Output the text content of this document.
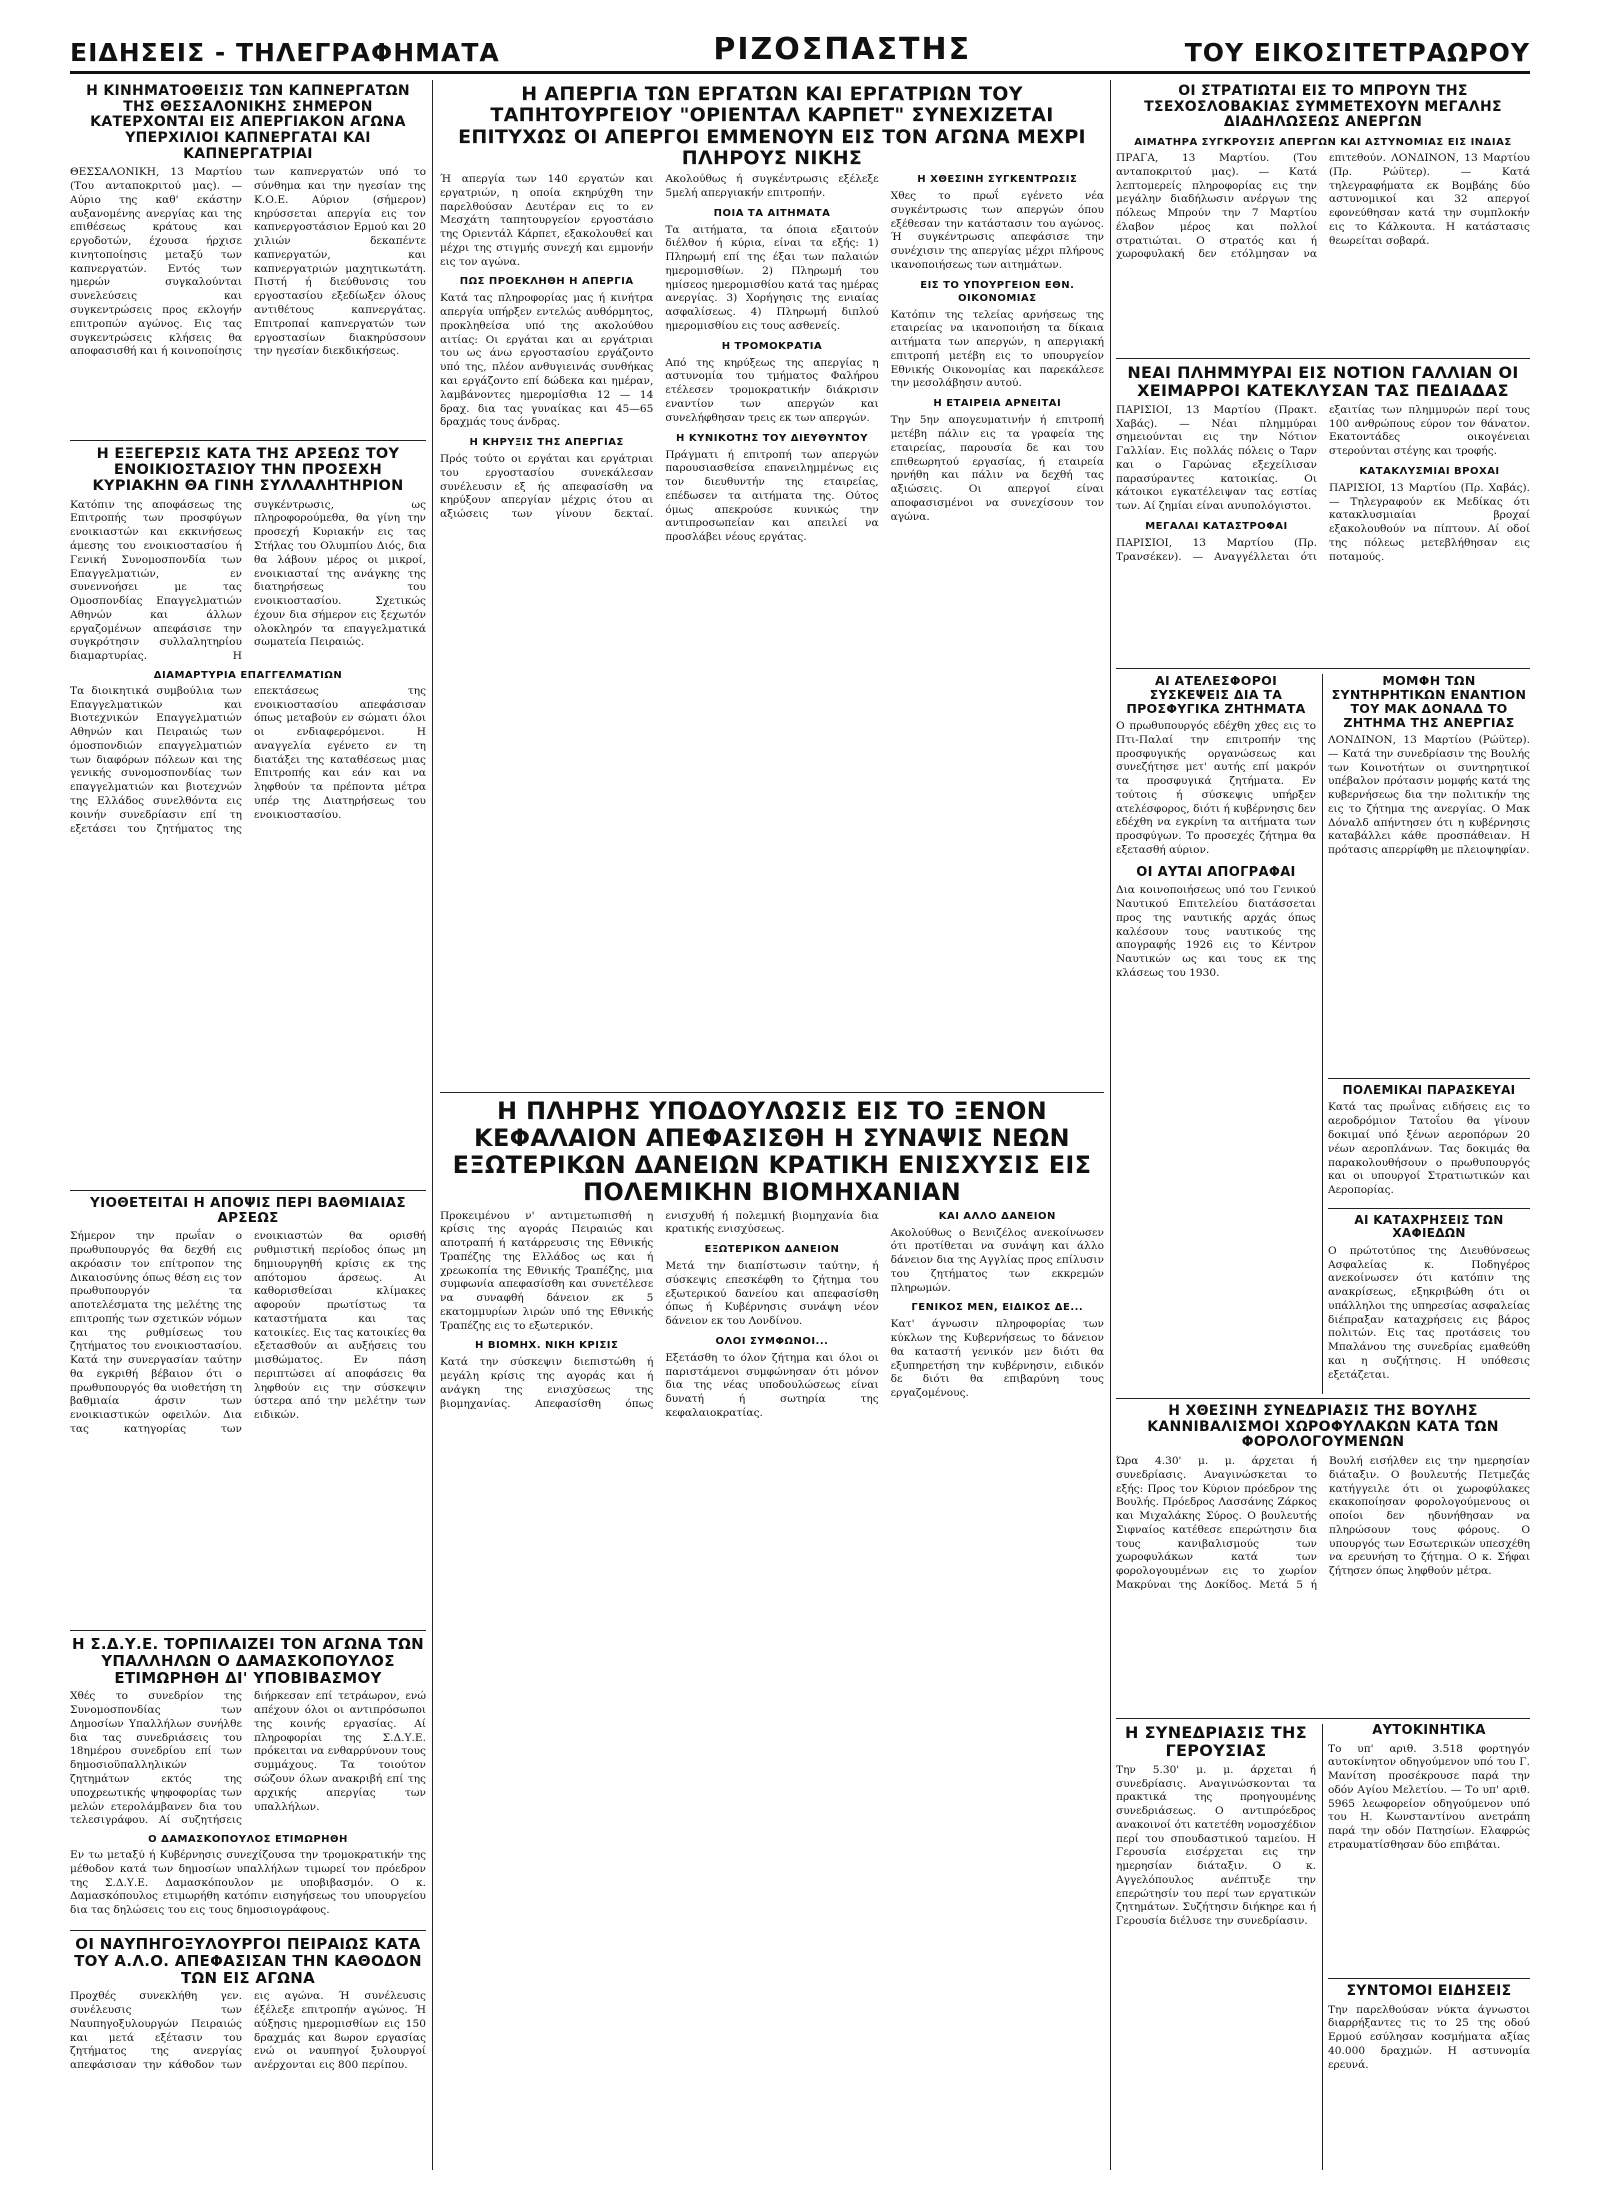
ΕΙΔΗΣΕΙΣ - ΤΗΛΕΓΡΑΦΗΜΑΤΑ	ΡΙΖΟΣΠΑΣΤΗΣ	ΤΟΥ ΕΙΚΟΣΙΤΕΤΡΑΩΡΟΥ
Η ΚΙΝΗΜΑΤΟΘΕΙΣΙΣ ΤΩΝ ΚΑΠΝΕΡΓΑΤΩΝ ΤΗΣ ΘΕΣΣΑΛΟΝΙΚΗΣ ΣΗΜΕΡΟΝ ΚΑΤΕΡΧΟΝΤΑΙ ΕΙΣ ΑΠΕΡΓΙΑΚΟΝ ΑΓΩΝΑ ΥΠΕΡΧΙΛΙΟΙ ΚΑΠΝΕΡΓΑΤΑΙ ΚΑΙ ΚΑΠΝΕΡΓΑΤΡΙΑΙ
ΘΕΣΣΑΛΟΝΙΚΗ, 13 Μαρτίου (Του ανταποκριτού μας). — Αύριο της καθ' εκάστην αυξανομένης ανεργίας και της επιθέσεως κράτους και εργοδοτών, έχουσα ήρχισε κινητοποίησις μεταξύ των καπνεργατών. Εντός των ημερών συγκαλούνται συνελεύσεις και συγκεντρώσεις προς εκλογήν επιτροπών αγώνος. Εις τας συγκεντρώσεις κλήσεις θα αποφασισθή και ή κοινοποίησις των καπνεργατών υπό το σύνθημα και την ηγεσίαν της Κ.Ο.Ε. Αύριον (σήμερον) κηρύσσεται απεργία εις τον καπνεργοστάσιον Ερμού και 20 χιλιών δεκαπέντε καπνεργατών, και καπνεργατριών μαχητικωτάτη. Πιστή ή διεύθυνσις του εργοστασίου εξεδίωξεν όλους αντιθέτους καπνεργάτας. Επιτροπαί καπνεργατών των εργοστασίων διακηρύσσουν την ηγεσίαν διεκδικήσεως.
Η ΕΞΕΓΕΡΣΙΣ ΚΑΤΑ ΤΗΣ ΑΡΣΕΩΣ ΤΟΥ ΕΝΟΙΚΙΟΣΤΑΣΙΟΥ ΤΗΝ ΠΡΟΣΕΧΗ ΚΥΡΙΑΚΗΝ ΘΑ ΓΙΝΗ ΣΥΛΛΑΛΗΤΗΡΙΟΝ
Κατόπιν της αποφάσεως της Επιτροπής των προσφύγων ενοικιαστών και εκκινήσεως άμεσης του ενοικιοστασίου ή Γενική Συνομοσπονδία των Επαγγελματιών, εν συνεννοήσει με τας Ομοσπονδίας Επαγγελματιών Αθηνών και άλλων εργαζομένων απεφάσισε την συγκρότησιν συλλαλητηρίου διαμαρτυρίας. Η συγκέντρωσις, ως πληροφορούμεθα, θα γίνη την προσεχή Κυριακήν εις τας Στήλας του Ολυμπίου Διός, δια θα λάβουν μέρος οι μικροί, ενοικιασταί της ανάγκης της διατηρήσεως του ενοικιοστασίου. Σχετικώς έχουν δια σήμερον εις ξεχωτόν ολοκληρόν τα επαγγελματικά σωματεία Πειραιώς.
ΔΙΑΜΑΡΤΥΡΙΑ ΕΠΑΓΓΕΛΜΑΤΙΩΝ
Τα διοικητικά συμβούλια των Επαγγελματικών και Βιοτεχνικών Επαγγελματιών Αθηνών και Πειραιώς των όμοσπονδιών επαγγελματιών των διαφόρων πόλεων και της γενικής συνομοσπονδίας των επαγγελματιών και βιοτεχνών της Ελλάδος συνελθόντα εις κοινήν συνεδρίασιν επί τη εξετάσει του ζητήματος της επεκτάσεως της ενοικιοστασίου απεφάσισαν όπως μεταβούν εν σώματι όλοι οι ενδιαφερόμενοι. Η αναγγελία εγένετο εν τη διατάξει της καταθέσεως μιας Επιτροπής και εάν και να ληφθούν τα πρέποντα μέτρα υπέρ της Διατηρήσεως του ενοικιοστασίου.
ΥΙΟΘΕΤΕΙΤΑΙ Η ΑΠΟΨΙΣ ΠΕΡΙ ΒΑΘΜΙΑΙΑΣ ΑΡΣΕΩΣ
Σήμερον την πρωΐαν ο πρωθυπουργός θα δεχθή εις ακρόασιν τον επίτροπον της Δικαιοσύνης όπως θέση εις τον πρωθυπουργόν τα αποτελέσματα της μελέτης της επιτροπής των σχετικών νόμων και της ρυθμίσεως του ζητήματος του ενοικιοστασίου. Κατά την συνεργασίαν ταύτην θα εγκριθή βέβαιον ότι ο πρωθυπουργός θα υιοθετήση τη βαθμιαία άρσιν των ενοικιαστικών οφειλών. Δια τας κατηγορίας των ενοικιαστών θα ορισθή ρυθμιστική περίοδος όπως μη δημιουργηθή κρίσις εκ της απότομου άρσεως. Αι καθορισθείσαι κλίμακες αφορούν πρωτίστως τα καταστήματα και τας κατοικίες. Εις τας κατοικίες θα εξετασθούν αι αυξήσεις του μισθώματος. Εν πάση περιπτώσει αί αποφάσεις θα ληφθούν εις την σύσκεψιν ύστερα από την μελέτην των ειδικών.
Η Σ.Δ.Υ.Ε. ΤΟΡΠΙΛΑΙΖΕΙ ΤΟΝ ΑΓΩΝΑ ΤΩΝ ΥΠΑΛΛΗΛΩΝ Ο ΔΑΜΑΣΚΟΠΟΥΛΟΣ ΕΤΙΜΩΡΗΘΗ ΔΙ' ΥΠΟΒΙΒΑΣΜΟΥ
Χθές το συνεδρίον της Συνομοσπονδίας των Δημοσίων Υπαλλήλων συνήλθε δια τας συνεδριάσεις του 18ημέρου συνεδρίου επί των δημοσιοϋπαλληλικών ζητημάτων εκτός της υποχρεωτικής ψηφοφορίας των μελών ετερολάμβανεν δια του τελεσιγράφου. Αί συζητήσεις διήρκεσαν επί τετράωρον, ενώ απέχουν όλοι οι αντιπρόσωποι της κοινής εργασίας. Αί πληροφορίαι της Σ.Δ.Υ.Ε. πρόκειται να ενθαρρύνουν τους συμμάχους. Τα τοιούτον σώζουν όλων ανακριβή επί της αρχικής απεργίας των υπαλλήλων.
Ο ΔΑΜΑΣΚΟΠΟΥΛΟΣ ΕΤΙΜΩΡΗΘΗ
Εν τω μεταξύ ή Κυβέρνησις συνεχίζουσα την τρομοκρατικήν της μέθοδον κατά των δημοσίων υπαλλήλων τιμωρεί τον πρόεδρον της Σ.Δ.Υ.Ε. Δαμασκόπουλον με υποβιβασμόν. Ο κ. Δαμασκόπουλος ετιμωρήθη κατόπιν εισηγήσεως του υπουργείου δια τας δηλώσεις του εις τους δημοσιογράφους.
ΟΙ ΝΑΥΠΗΓΟΞΥΛΟΥΡΓΟΙ ΠΕΙΡΑΙΩΣ ΚΑΤΑ ΤΟΥ Α.Λ.Ο. ΑΠΕΦΑΣΙΣΑΝ ΤΗΝ ΚΑΘΟΔΟΝ ΤΩΝ ΕΙΣ ΑΓΩΝΑ
Προχθές συνεκλήθη γεν. συνέλευσις των Ναυπηγοξυλουργών Πειραιώς και μετά εξέτασιν του ζητήματος της ανεργίας απεφάσισαν την κάθοδον των εις αγώνα. Ή συνέλευσις έξέλεξε επιτροπήν αγώνος. Ή αύξησις ημερομισθίων εις 150 δραχμάς και 8ωρον εργασίας ενώ οι ναυπηγοί ξυλουργοί ανέρχονται εις 800 περίπου.
Η ΑΠΕΡΓΙΑ ΤΩΝ ΕΡΓΑΤΩΝ ΚΑΙ ΕΡΓΑΤΡΙΩΝ ΤΟΥ ΤΑΠΗΤΟΥΡΓΕΙΟΥ "ΟΡΙΕΝΤΑΛ ΚΑΡΠΕΤ" ΣΥΝΕΧΙΖΕΤΑΙ ΕΠΙΤΥΧΩΣ ΟΙ ΑΠΕΡΓΟΙ ΕΜΜΕΝΟΥΝ ΕΙΣ ΤΟΝ ΑΓΩΝΑ ΜΕΧΡΙ ΠΛΗΡΟΥΣ ΝΙΚΗΣ

Ή απεργία των 140 εργατών και εργατριών, η οποία εκηρύχθη την παρελθούσαν Δευτέραν εις το εν Μεσχάτη ταπητουργείον εργοστάσιο της Οριεντάλ Κάρπετ, εξακολουθεί και μέχρι της στιγμής συνεχή και εμμονήν εις τον αγώνα.

ΠΩΣ ΠΡΟΕΚΛΗΘΗ Η ΑΠΕΡΓΙΑ

Κατά τας πληροφορίας μας ή κινήτρα απεργία υπήρξεν εντελώς αυθόρμητος, προκληθείσα υπό της ακολούθου αιτίας: Οι εργάται και αι εργάτριαι του ως άνω εργοστασίου εργάζοντο υπό της, πλέον ανθυγιεινάς συνθήκας και εργάζοντο επί δώδεκα και ημέραν, λαμβάνοντες ημερομίσθια 12 — 14 δραχ. δια τας γυναίκας και 45—65 δραχμάς τους άνδρας.

Η ΚΗΡΥΞΙΣ ΤΗΣ ΑΠΕΡΓΙΑΣ

Πρός τούτο οι εργάται και εργάτριαι του εργοστασίου συνεκάλεσαν συνέλευσιν εξ ής απεφασίσθη να κηρύξουν απεργίαν μέχρις ότου αι αξιώσεις των γίνουν δεκταί. Ακολούθως ή συγκέντρωσις εξέλεξε 5μελή απεργιακήν επιτροπήν.

ΠΟΙΑ ΤΑ ΑΙΤΗΜΑΤΑ

Τα αιτήματα, τα όποια εξαιτούν διέλθον ή κύρια, είναι τα εξής: 1) Πληρωμή επί της έξαι των παλαιών ημερομισθίων. 2) Πληρωμή του ημίσεος ημερομισθίου κατά τας ημέρας ανεργίας. 3) Χορήγησις της ενιαίας ασφαλίσεως. 4) Πληρωμή διπλού ημερομισθίου εις τους ασθενείς.

Η ΤΡΟΜΟΚΡΑΤΙΑ

Από της κηρύξεως της απεργίας η αστυνομία του τμήματος Φαλήρου ετέλεσεν τρομοκρατικήν διάκρισιν εναντίον των απεργών και συνελήφθησαν τρεις εκ των απεργών.

Η ΚΥΝΙΚΟΤΗΣ ΤΟΥ ΔΙΕΥΘΥΝΤΟΥ

Πράγματι ή επιτροπή των απεργών παρουσιασθείσα επανειλημμένως εις τον διευθυντήν της εταιρείας, επέδωσεν τα αιτήματα της. Ούτος όμως απεκρούσε κυνικώς την αντιπροσωπείαν και απειλεί να προσλάβει νέους εργάτας.

Η ΧΘΕΣΙΝΗ ΣΥΓΚΕΝΤΡΩΣΙΣ

Χθες το πρωΐ εγένετο νέα συγκέντρωσις των απεργών όπου εξέθεσαν την κατάστασιν του αγώνος. Ή συγκέντρωσις απεφάσισε την συνέχισιν της απεργίας μέχρι πλήρους ικανοποιήσεως των αιτημάτων.

ΕΙΣ ΤΟ ΥΠΟΥΡΓΕΙΟΝ ΕΘΝ. ΟΙΚΟΝΟΜΙΑΣ

Κατόπιν της τελείας αρνήσεως της εταιρείας να ικανοποιήση τα δίκαια αιτήματα των απεργών, η απεργιακή επιτροπή μετέβη εις το υπουργείον Εθνικής Οικονομίας και παρεκάλεσε την μεσολάβησιν αυτού.

Η ΕΤΑΙΡΕΙΑ ΑΡΝΕΙΤΑΙ

Την 5ην απογευματινήν ή επιτροπή μετέβη πάλιν εις τα γραφεία της εταιρείας, παρουσία δε και του επιθεωρητού εργασίας, ή εταιρεία ηρνήθη και πάλιν να δεχθή τας αξιώσεις. Οι απεργοί είναι αποφασισμένοι να συνεχίσουν τον αγώνα.

Η ΠΛΗΡΗΣ ΥΠΟΔΟΥΛΩΣΙΣ ΕΙΣ ΤΟ ΞΕΝΟΝ ΚΕΦΑΛΑΙΟΝ ΑΠΕΦΑΣΙΣΘΗ Η ΣΥΝΑΨΙΣ ΝΕΩΝ ΕΞΩΤΕΡΙΚΩΝ ΔΑΝΕΙΩΝ ΚΡΑΤΙΚΗ ΕΝΙΣΧΥΣΙΣ ΕΙΣ ΠΟΛΕΜΙΚΗΝ ΒΙΟΜΗΧΑΝΙΑΝ

Προκειμένου ν' αντιμετωπισθή η κρίσις της αγοράς Πειραιώς και αποτραπή ή κατάρρευσις της Εθνικής Τραπέζης της Ελλάδος ως και ή χρεωκοπία της Εθνικής Τραπέζης, μια συμφωνία απεφασίσθη και συνετέλεσε να συναφθή δάνειον εκ 5 εκατομμυρίων λιρών υπό της Εθνικής Τραπέζης εις το εξωτερικόν.

Η ΒΙΟΜΗΧ. ΝΙΚΗ ΚΡΙΣΙΣ

Κατά την σύσκεψιν διεπιστώθη ή μεγάλη κρίσις της αγοράς και ή ανάγκη της ενισχύσεως της βιομηχανίας. Απεφασίσθη όπως ενισχυθή ή πολεμική βιομηχανία δια κρατικής ενισχύσεως.

ΕΞΩΤΕΡΙΚΟΝ ΔΑΝΕΙΟΝ

Μετά την διαπίστωσιν ταύτην, ή σύσκεψις επεσκέφθη το ζήτημα του εξωτερικού δανείου και απεφασίσθη όπως ή Κυβέρνησις συνάψη νέον δάνειον εκ του Λονδίνου.

ΟΛΟΙ ΣΥΜΦΩΝΟΙ...

Εξετάσθη το όλον ζήτημα και όλοι οι παριστάμενοι συμφώνησαν ότι μόνον δια της νέας υποδουλώσεως είναι δυνατή ή σωτηρία της κεφαλαιοκρατίας.

ΚΑΙ ΑΛΛΟ ΔΑΝΕΙΟΝ

Ακολούθως ο Βενιζέλος ανεκοίνωσεν ότι προτίθεται να συνάψη και άλλο δάνειον δια της Αγγλίας προς επίλυσιν του ζητήματος των εκκρεμών πληρωμών.

ΓΕΝΙΚΟΣ ΜΕΝ, ΕΙΔΙΚΟΣ ΔΕ...

Κατ' άγνωσιν πληροφορίας των κύκλων της Κυβερνήσεως το δάνειον θα καταστή γενικόν μεν διότι θα εξυπηρετήση την κυβέρνησιν, ειδικόν δε διότι θα επιβαρύνη τους εργαζομένους.

ΟΙ ΣΤΡΑΤΙΩΤΑΙ ΕΙΣ ΤΟ ΜΠΡΟΥΝ ΤΗΣ ΤΣΕΧΟΣΛΟΒΑΚΙΑΣ ΣΥΜΜΕΤΕΧΟΥΝ ΜΕΓΑΛΗΣ ΔΙΑΔΗΛΩΣΕΩΣ ΑΝΕΡΓΩΝ
ΑΙΜΑΤΗΡΑ ΣΥΓΚΡΟΥΣΙΣ ΑΠΕΡΓΩΝ ΚΑΙ ΑΣΤΥΝΟΜΙΑΣ ΕΙΣ ΙΝΔΙΑΣ
ΠΡΑΓΑ, 13 Μαρτίου. (Του ανταποκριτού μας). — Κατά λεπτομερείς πληροφορίας εις την μεγάλην διαδήλωσιν ανέργων της πόλεως Μπρούν την 7 Μαρτίου έλαβον μέρος και πολλοί στρατιώται. Ο στρατός και ή χωροφυλακή δεν ετόλμησαν να επιτεθούν. ΛΟΝΔΙΝΟΝ, 13 Μαρτίου (Πρ. Ρώϋτερ). — Κατά τηλεγραφήματα εκ Βομβάης δύο αστυνομικοί και 32 απεργοί εφονεύθησαν κατά την συμπλοκήν εις το Κάλκουτα. Η κατάστασις θεωρείται σοβαρά.
ΝΕΑΙ ΠΛΗΜΜΥΡΑΙ ΕΙΣ ΝΟΤΙΟΝ ΓΑΛΛΙΑΝ ΟΙ ΧΕΙΜΑΡΡΟΙ ΚΑΤΕΚΛΥΣΑΝ ΤΑΣ ΠΕΔΙΑΔΑΣ

ΠΑΡΙΣΙΟΙ, 13 Μαρτίου (Πρακτ. Χαβάς). — Νέαι πλημμύραι σημειούνται εις την Νότιον Γαλλίαν. Εις πολλάς πόλεις ο Ταρν και ο Γαρώνας εξεχείλισαν παρασύραντες κατοικίας. Οι κάτοικοι εγκατέλειψαν τας εστίας των. Αί ζημίαι είναι ανυπολόγιστοι.

ΜΕΓΑΛΑΙ ΚΑΤΑΣΤΡΟΦΑΙ

ΠΑΡΙΣΙΟΙ, 13 Μαρτίου (Πρ. Τρανσέκεν). — Αναγγέλλεται ότι εξαιτίας των πλημμυρών περί τους 100 ανθρώπους εύρον τον θάνατον. Εκατοντάδες οικογένειαι στερούνται στέγης και τροφής.

ΚΑΤΑΚΛΥΣΜΙΑΙ ΒΡΟΧΑΙ

ΠΑΡΙΣΙΟΙ, 13 Μαρτίου (Πρ. Χαβάς). — Τηλεγραφούν εκ Μεδίκας ότι κατακλυσμιαίαι βροχαί εξακολουθούν να πίπτουν. Αί οδοί της πόλεως μετεβλήθησαν εις ποταμούς.

ΑΙ ΑΤΕΛΕΣΦΟΡΟΙ ΣΥΣΚΕΨΕΙΣ ΔΙΑ ΤΑ ΠΡΟΣΦΥΓΙΚΑ ΖΗΤΗΜΑΤΑ
Ο πρωθυπουργός εδέχθη χθες εις το Πτι-Παλαί την επιτροπήν της προσφυγικής οργανώσεως και συνεζήτησε μετ' αυτής επί μακρόν τα προσφυγικά ζητήματα. Εν τούτοις ή σύσκεψις υπήρξεν ατελέσφορος, διότι ή κυβέρνησις δεν εδέχθη να εγκρίνη τα αιτήματα των προσφύγων. Το προσεχές ζήτημα θα εξετασθή αύριον.
ΟΙ ΑΥΤΑΙ ΑΠΟΓΡΑΦΑΙ
Δια κοινοποιήσεως υπό του Γενικού Ναυτικού Επιτελείου διατάσσεται προς της ναυτικής αρχάς όπως καλέσουν τους ναυτικούς της απογραφής 1926 εις το Κέντρον Ναυτικών ως και τους εκ της κλάσεως του 1930.
ΜΟΜΦΗ ΤΩΝ ΣΥΝΤΗΡΗΤΙΚΩΝ ΕΝΑΝΤΙΟΝ ΤΟΥ ΜΑΚ ΔΟΝΑΛΔ ΤΟ ΖΗΤΗΜΑ ΤΗΣ ΑΝΕΡΓΙΑΣ
ΛΟΝΔΙΝΟΝ, 13 Μαρτίου (Ρώϋτερ). — Κατά την συνεδρίασιν της Βουλής των Κοινοτήτων οι συντηρητικοί υπέβαλον πρότασιν μομφής κατά της κυβερνήσεως δια την πολιτικήν της εις το ζήτημα της ανεργίας. Ο Μακ Δόναλδ απήντησεν ότι η κυβέρνησις καταβάλλει κάθε προσπάθειαν. Η πρότασις απερρίφθη με πλειοψηφίαν.
ΠΟΛΕΜΙΚΑΙ ΠΑΡΑΣΚΕΥΑΙ
Κατά τας πρωΐνας ειδήσεις εις το αεροδρόμιον Τατοΐου θα γίνουν δοκιμαί υπό ξένων αεροπόρων 20 νέων αεροπλάνων. Τας δοκιμάς θα παρακολουθήσουν ο πρωθυπουργός και οι υπουργοί Στρατιωτικών και Αεροπορίας.
ΑΙ ΚΑΤΑΧΡΗΣΕΙΣ ΤΩΝ ΧΑΦΙΕΔΩΝ
Ο πρώτοτύπος της Διευθύνσεως Ασφαλείας κ. Ποδηγέρος ανεκοίνωσεν ότι κατόπιν της ανακρίσεως, εξηκριβώθη ότι οι υπάλληλοι της υπηρεσίας ασφαλείας διέπραξαν καταχρήσεις εις βάρος πολιτών. Εις τας προτάσεις του Μπαλάνου της συνεδρίας εμαθεύθη και η συζήτησις. Η υπόθεσις εξετάζεται.
Η ΧΘΕΣΙΝΗ ΣΥΝΕΔΡΙΑΣΙΣ ΤΗΣ ΒΟΥΛΗΣ ΚΑΝΝΙΒΑΛΙΣΜΟΙ ΧΩΡΟΦΥΛΑΚΩΝ ΚΑΤΑ ΤΩΝ ΦΟΡΟΛΟΓΟΥΜΕΝΩΝ
Ώρα 4.30' μ. μ. άρχεται ή συνεδρίασις. Αναγινώσκεται το εξής: Προς τον Κύριον πρόεδρον της Βουλής. Πρόεδρος Λασσάνης Ζάρκος και Μιχαλάκης Σύρος. Ο βουλευτής Σιφναίος κατέθεσε επερώτησιν δια τους κανιβαλισμούς των χωροφυλάκων κατά των φορολογουμένων εις το χωρίον Μακρύναι της Δοκίδος. Μετά 5 ή Βουλή εισήλθεν εις την ημερησίαν διάταξιν. Ο βουλευτής Πετμεζάς κατήγγειλε ότι οι χωροφύλακες εκακοποίησαν φορολογούμενους οι οποίοι δεν ηδυνήθησαν να πληρώσουν τους φόρους. Ο υπουργός των Εσωτερικών υπεσχέθη να ερευνήση το ζήτημα. Ο κ. Σήφαι ζήτησεν όπως ληφθούν μέτρα.
Η ΣΥΝΕΔΡΙΑΣΙΣ ΤΗΣ ΓΕΡΟΥΣΙΑΣ
Την 5.30' μ. μ. άρχεται ή συνεδρίασις. Αναγινώσκονται τα πρακτικά της προηγουμένης συνεδριάσεως. Ο αντιπρόεδρος ανακοινοί ότι κατετέθη νομοσχέδιον περί του σπουδαστικού ταμείου. Η Γερουσία εισέρχεται εις την ημερησίαν διάταξιν. Ο κ. Αγγελόπουλος ανέπτυξε την επερώτησίν του περί των εργατικών ζητημάτων. Συζήτησιν διήκηρε και ή Γερουσία διέλυσε την συνεδρίασιν.
ΑΥΤΟΚΙΝΗΤΙΚΑ
Το υπ' αριθ. 3.518 φορτηγόν αυτοκίνητον οδηγούμενον υπό του Γ. Μανίτση προσέκρουσε παρά την οδόν Αγίου Μελετίου. — Το υπ' αριθ. 5965 λεωφορείον οδηγούμενον υπό του Η. Κωνσταντίνου ανετράπη παρά την οδόν Πατησίων. Ελαφρώς ετραυματίσθησαν δύο επιβάται.
ΣΥΝΤΟΜΟΙ ΕΙΔΗΣΕΙΣ
Την παρελθούσαν νύκτα άγνωστοι διαρρήξαντες τις το 25 της οδού Ερμού εσύλησαν κοσμήματα αξίας 40.000 δραχμών. Η αστυνομία ερευνά.
